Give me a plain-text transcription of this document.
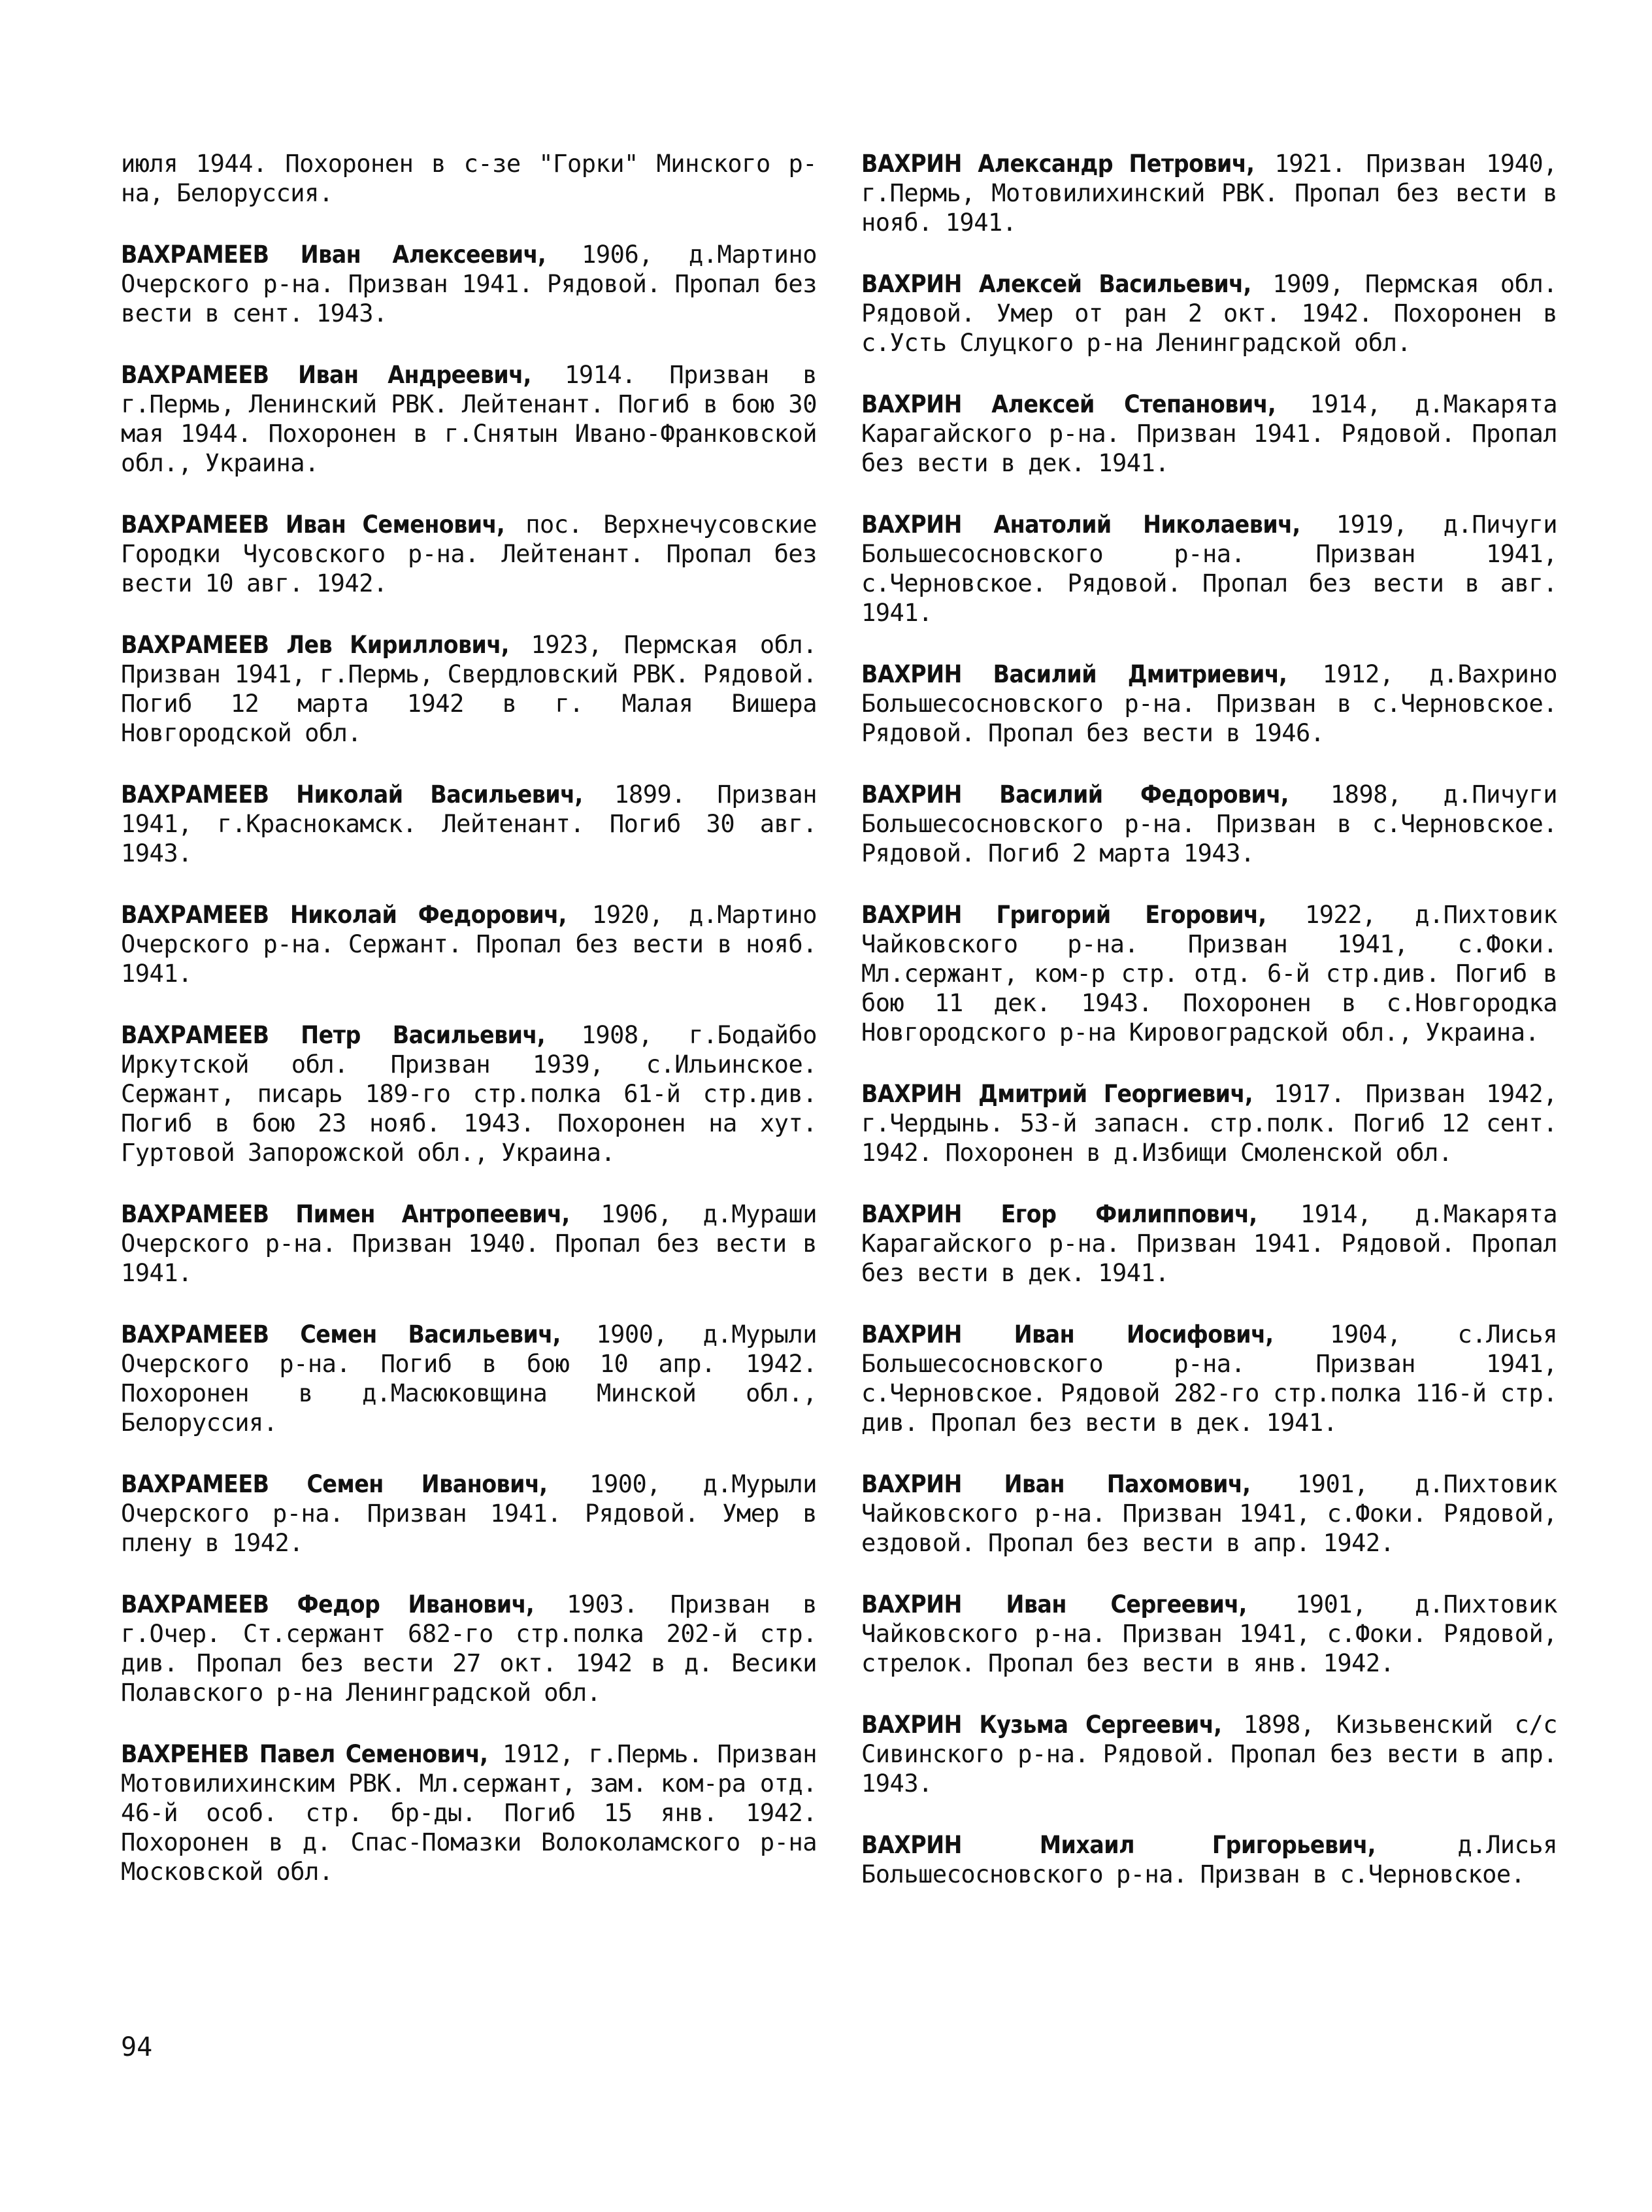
июля 1944. Похоронен в с-зе "Горки" Минского р-на, Белоруссия.

ВАХРАМЕЕВ Иван Алексеевич, 1906, д.Мартино Очерского р-на. Призван 1941. Рядовой. Пропал без вести в сент. 1943.

ВАХРАМЕЕВ Иван Андреевич, 1914. Призван в г.Пермь, Ленинский РВК. Лейтенант. Погиб в бою 30 мая 1944. Похоронен в г.Снятын Ивано-Франковской обл., Украина.

ВАХРАМЕЕВ Иван Семенович, пос. Верхнечусовские Городки Чусовского р-на. Лейтенант. Пропал без вести 10 авг. 1942.

ВАХРАМЕЕВ Лев Кириллович, 1923, Пермская обл. Призван 1941, г.Пермь, Свердловский РВК. Рядовой. Погиб 12 марта 1942 в г. Малая Вишера Новгородской обл.

ВАХРАМЕЕВ Николай Васильевич, 1899. Призван 1941, г.Краснокамск. Лейтенант. Погиб 30 авг. 1943.

ВАХРАМЕЕВ Николай Федорович, 1920, д.Мартино Очерского р-на. Сержант. Пропал без вести в нояб. 1941.

ВАХРАМЕЕВ Петр Васильевич, 1908, г.Бодайбо Иркутской обл. Призван 1939, с.Ильинское. Сержант, писарь 189-го стр.полка 61-й стр.див. Погиб в бою 23 нояб. 1943. Похоронен на хут. Гуртовой Запорожской обл., Украина.

ВАХРАМЕЕВ Пимен Антропеевич, 1906, д.Мураши Очерского р-на. Призван 1940. Пропал без вести в 1941.

ВАХРАМЕЕВ Семен Васильевич, 1900, д.Мурыли Очерского р-на. Погиб в бою 10 апр. 1942. Похоронен в д.Масюковщина Минской обл., Белоруссия.

ВАХРАМЕЕВ Семен Иванович, 1900, д.Мурыли Очерского р-на. Призван 1941. Рядовой. Умер в плену в 1942.

ВАХРАМЕЕВ Федор Иванович, 1903. Призван в г.Очер. Ст.сержант 682-го стр.полка 202-й стр. див. Пропал без вести 27 окт. 1942 в д. Весики Полавского р-на Ленинградской обл.

ВАХРЕНЕВ Павел Семенович, 1912, г.Пермь. Призван Мотовилихинским РВК. Мл.сержант, зам. ком-ра отд. 46-й особ. стр. бр-ды. Погиб 15 янв. 1942. Похоронен в д. Спас-Помазки Волоколамского р-на Московской обл.

ВАХРИН Александр Петрович, 1921. Призван 1940, г.Пермь, Мотовилихинский РВК. Пропал без вести в нояб. 1941.

ВАХРИН Алексей Васильевич, 1909, Пермская обл. Рядовой. Умер от ран 2 окт. 1942. Похоронен в с.Усть Слуцкого р-на Ленинградской обл.

ВАХРИН Алексей Степанович, 1914, д.Макарята Карагайского р-на. Призван 1941. Рядовой. Пропал без вести в дек. 1941.

ВАХРИН Анатолий Николаевич, 1919, д.Пичуги Большесосновского р-на. Призван 1941, с.Черновское. Рядовой. Пропал без вести в авг. 1941.

ВАХРИН Василий Дмитриевич, 1912, д.Вахрино Большесосновского р-на. Призван в с.Черновское. Рядовой. Пропал без вести в 1946.

ВАХРИН Василий Федорович, 1898, д.Пичуги Большесосновского р-на. Призван в с.Черновское. Рядовой. Погиб 2 марта 1943.

ВАХРИН Григорий Егорович, 1922, д.Пихтовик Чайковского р-на. Призван 1941, с.Фоки. Мл.сержант, ком-р стр. отд. 6-й стр.див. Погиб в бою 11 дек. 1943. Похоронен в с.Новгородка Новгородского р-на Кировоградской обл., Украина.

ВАХРИН Дмитрий Георгиевич, 1917. Призван 1942, г.Чердынь. 53-й запасн. стр.полк. Погиб 12 сент. 1942. Похоронен в д.Избищи Смоленской обл.

ВАХРИН Егор Филиппович, 1914, д.Макарята Карагайского р-на. Призван 1941. Рядовой. Пропал без вести в дек. 1941.

ВАХРИН Иван Иосифович, 1904, с.Лисья Большесосновского р-на. Призван 1941, с.Черновское. Рядовой 282-го стр.полка 116-й стр. див. Пропал без вести в дек. 1941.

ВАХРИН Иван Пахомович, 1901, д.Пихтовик Чайковского р-на. Призван 1941, с.Фоки. Рядовой, ездовой. Пропал без вести в апр. 1942.

ВАХРИН Иван Сергеевич, 1901, д.Пихтовик Чайковского р-на. Призван 1941, с.Фоки. Рядовой, стрелок. Пропал без вести в янв. 1942.

ВАХРИН Кузьма Сергеевич, 1898, Кизьвенский с/с Сивинского р-на. Рядовой. Пропал без вести в апр. 1943.

ВАХРИН Михаил Григорьевич, д.Лисья Большесосновского р-на. Призван в с.Черновское.

94
